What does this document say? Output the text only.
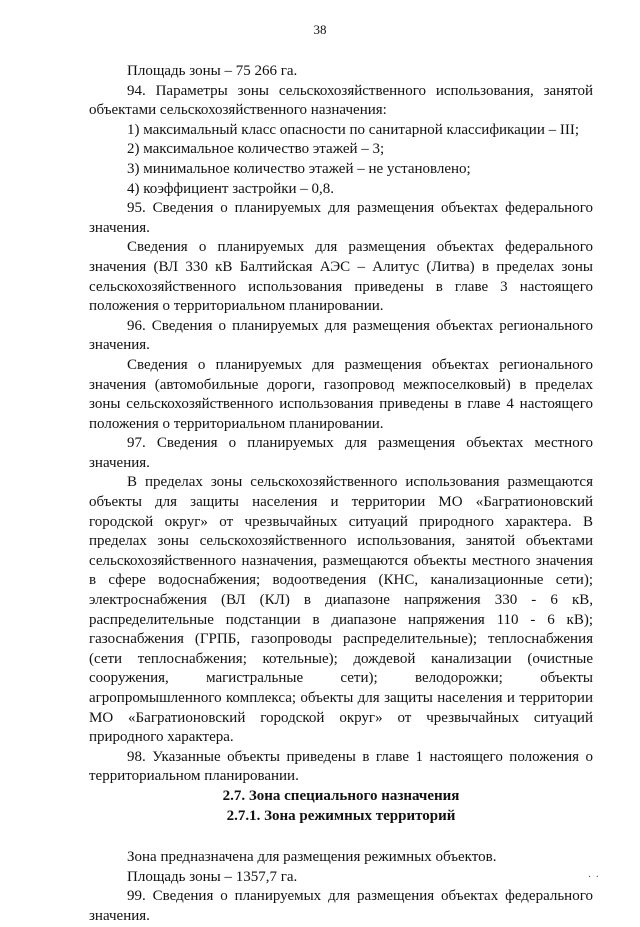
38

Площадь зоны – 75 266 га.

94. Параметры зоны сельскохозяйственного использования, занятой объектами сельскохозяйственного назначения:

1) максимальный класс опасности по санитарной классификации – III;

2) максимальное количество этажей – 3;

3) минимальное количество этажей – не установлено;

4) коэффициент застройки – 0,8.

95. Сведения о планируемых для размещения объектах федерального значения.

Сведения о планируемых для размещения объектах федерального значения (ВЛ 330 кВ Балтийская АЭС – Алитус (Литва) в пределах зоны сельскохозяйственного использования приведены в главе 3 настоящего положения о территориальном планировании.

96. Сведения о планируемых для размещения объектах регионального значения.

Сведения о планируемых для размещения объектах регионального значения (автомобильные дороги, газопровод межпоселковый) в пределах зоны сельскохозяйственного использования приведены в главе 4 настоящего положения о территориальном планировании.

97. Сведения о планируемых для размещения объектах местного значения.

В пределах зоны сельскохозяйственного использования размещаются объекты для защиты населения и территории МО «Багратионовский городской округ» от чрезвычайных ситуаций природного характера. В пределах зоны сельскохозяйственного использования, занятой объектами сельскохозяйственного назначения, размещаются объекты местного значения в сфере водоснабжения; водоотведения (КНС, канализационные сети); электроснабжения (ВЛ (КЛ) в диапазоне напряжения 330 - 6 кВ, распределительные подстанции в диапазоне напряжения 110 - 6 кВ); газоснабжения (ГРПБ, газопроводы распределительные); теплоснабжения (сети теплоснабжения; котельные); дождевой канализации (очистные сооружения, магистральные сети); велодорожки; объекты агропромышленного комплекса; объекты для защиты населения и территории МО «Багратионовский городской округ» от чрезвычайных ситуаций природного характера.

98. Указанные объекты приведены в главе 1 настоящего положения о территориальном планировании.

2.7. Зона специального назначения

2.7.1. Зона режимных территорий

Зона предназначена для размещения режимных объектов.

Площадь зоны – 1357,7 га.

99. Сведения о планируемых для размещения объектах федерального значения.

· ·
